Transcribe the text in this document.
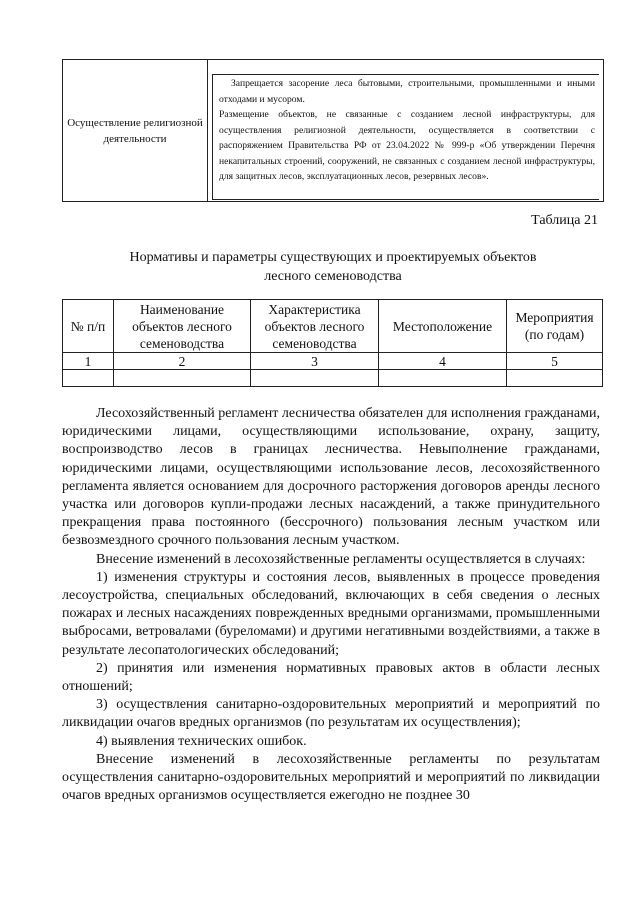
Осуществление религиозной деятельности	

Запрещается засорение леса бытовыми, строительными, промышленными и иными отходами и мусором.

Размещение объектов, не связанные с созданием лесной инфраструктуры, для осуществления религиозной деятельности, осуществляется в соответствии с распоряжением Правительства РФ от 23.04.2022 № 999-р «Об утверждении Перечня некапитальных строений, сооружений, не связанных с созданием лесной инфраструктуры, для защитных лесов, эксплуатационных лесов, резервных лесов».

Таблица 21
Нормативы и параметры существующих и проектируемых объектов
лесного семеноводства
№ п/п	Наименование объектов лесного семеноводства	Характеристика объектов лесного семеноводства	Местоположение	Мероприятия (по годам)
1	2	3	4	5

Лесохозяйственный регламент лесничества обязателен для исполнения гражданами, юридическими лицами, осуществляющими использование, охрану, защиту, воспроизводство лесов в границах лесничества. Невыполнение гражданами, юридическими лицами, осуществляющими использование лесов, лесохозяйственного регламента является основанием для досрочного расторжения договоров аренды лесного участка или договоров купли-продажи лесных насаждений, а также принудительного прекращения права постоянного (бессрочного) пользования лесным участком или безвозмездного срочного пользования лесным участком.

Внесение изменений в лесохозяйственные регламенты осуществляется в случаях:

1) изменения структуры и состояния лесов, выявленных в процессе проведения лесоустройства, специальных обследований, включающих в себя сведения о лесных пожарах и лесных насаждениях поврежденных вредными организмами, промышленными выбросами, ветровалами (буреломами) и другими негативными воздействиями, а также в результате лесопатологических обследований;

2) принятия или изменения нормативных правовых актов в области лесных отношений;

3) осуществления санитарно-оздоровительных мероприятий и мероприятий по ликвидации очагов вредных организмов (по результатам их осуществления);

4) выявления технических ошибок.

Внесение изменений в лесохозяйственные регламенты по результатам осуществления санитарно-оздоровительных мероприятий и мероприятий по ликвидации очагов вредных организмов осуществляется ежегодно не позднее 30
